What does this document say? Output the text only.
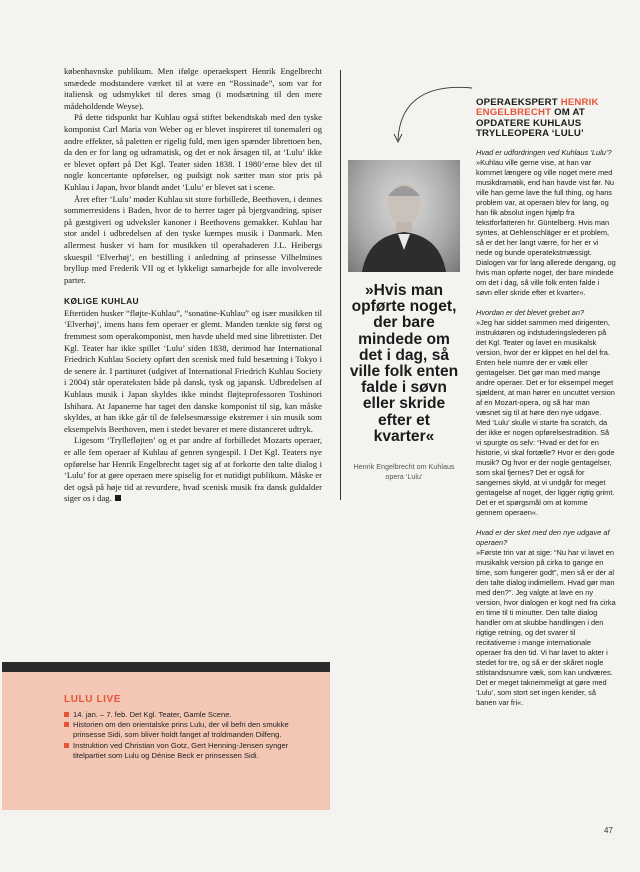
københavnske publikum. Men ifølge operaekspert Henrik Engelbrecht smædede modstandere værket til at være en “Rossinade”, som var for italiensk og udsmykket til deres smag (i modsætning til den mere mådeholdende Weyse).

På dette tidspunkt har Kuhlau også stiftet bekendtskab med den tyske komponist Carl Maria von Weber og er blevet inspireret til tonemaleri og andre effekter, så paletten er rigelig fuld, men igen spænder librettoen ben, da den er for lang og udramatisk, og det er nok årsagen til, at ‘Lulu’ ikke er blevet opført på Det Kgl. Teater siden 1838. I 1980’erne blev det til nogle koncertante opførelser, og pudsigt nok sætter man stor pris på Kuhlau i Japan, hvor blandt andet ‘Lulu’ er blevet sat i scene.

Året efter ‘Lulu’ møder Kuhlau sit store forbillede, Beethoven, i dennes sommerresidens i Baden, hvor de to herrer tager på bjergvandring, spiser på gæstgiveri og udveksler kanoner i Beethovens gemakker. Kuhlau har stor andel i udbredelsen af den tyske kæmpes musik i Danmark. Men allermest husker vi ham for musikken til operahaderen J.L. Heibergs skuespil ‘Elverhøj’, en bestilling i anledning af prinsesse Vilhelmines bryllup med Frederik VII og et lykkeligt samarbejde for alle involverede parter.

KØLIGE KUHLAU

Eftertiden husker “fløjte-Kuhlau”, “sonatine-Kuhlau” og især musikken til ‘Elverhøj’, imens hans fem operaer er glemt. Manden tænkte sig først og fremmest som operakomponist, men havde uheld med sine librettister. Det Kgl. Teater har ikke spillet ‘Lulu’ siden 1838, derimod har International Friedrich Kuhlau Society opført den scenisk med fuld besætning i Tokyo i de senere år. I partituret (udgivet af International Friedrich Kuhlau Society i 2004) står operateksten både på dansk, tysk og japansk. Udbredelsen af Kuhlaus musik i Japan skyldes ikke mindst fløjteprofessoren Toshinori Ishihara. At Japanerne har taget den danske komponist til sig, kan måske skyldes, at han ikke går til de følelsesmæssige ekstremer i sin musik som eksempelvis Beethoven, men i stedet bevarer et mere distanceret udtryk.

Ligesom ‘Tryllefløjten’ og et par andre af forbilledet Mozarts operaer, er alle fem operaer af Kuhlau af genren syngespil. I Det Kgl. Teaters nye opførelse har Henrik Engelbrecht taget sig af at forkorte den talte dialog i ‘Lulu’ for at gøre operaen mere spiselig for et nutidigt publikum. Måske er det også på høje tid at revurdere, hvad scenisk musik fra dansk guldalder siger os i dag.

»Hvis man opførte noget, der bare mindede om det i dag, så ville folk enten falde i søvn eller skride efter et kvarter«
Henrik Engelbrecht om Kuhlaus opera ‘Lulu’
OPERAEKSPERT HENRIK ENGELBRECHT OM AT OPDATERE KUHLAUS TRYLLEOPERA ‘LULU’

Hvad er udfordringen ved Kuhlaus ‘Lulu’?

»Kuhlau ville gerne vise, at han var kommet længere og ville noget mere med musikdramatik, end han havde vist før. Nu ville han gerne lave the full thing, og hans problem var, at operaen blev for lang, og han fik absolut ingen hjælp fra tekstforfatteren hr. Güntelberg. Hvis man syntes, at Oehlenschläger er et problem, så er det her langt værre, for her er vi nede og bunde operatekstmæssigt. Dialogen var for lang allerede dengang, og hvis man opførte noget, der bare mindede om det i dag, så ville folk enten falde i søvn eller skride efter et kvarter«.

Hvordan er det blevet grebet an?

»Jeg har siddet sammen med dirigenten, instruktøren og indstuderingslederen på det Kgl. Teater og lavet en musikalsk version, hvor der er klippet en hel del fra. Enten hele numre der er væk eller gentagelser. Det gør man med mange andre operaer. Det er for eksempel meget sjældent, at man hører en uncuttet version af en Mozart-opera, og så har man væsnet sig til at høre den nye udgave. Med ‘Lulu’ skulle vi starte fra scratch, da der ikke er nogen opførelsestradition. Så vi spurgte os selv: “Hvad er det for en historie, vi skal fortælle? Hvor er den gode musik? Og hvor er der nogle gentagelser, som skal fjernes? Det er også for sangernes skyld, at vi undgår for meget gentagelse af noget, der ligger rigtig grimt. Det er et spørgsmål om at komme gennem operaen«.

Hvad er der sket med den nye udgave af operaen?

»Første trin var at sige: “Nu har vi lavet en musikalsk version på cirka to gange en time, som fungerer godt”, men så er der al den talte dialog indimellem. Hvad gør man med den?”. Jeg valgte at lave en ny version, hvor dialogen er kogt ned fra cirka en time til ti minutter. Den talte dialog handler om at skubbe handlingen i den rigtige retning, og det svarer til recitativerne i mange internationale operaer fra den tid. Vi har lavet to akter i stedet for tre, og så er der skåret nogle stilstandsnumre væk, som kan undværes. Det er meget taknemmeligt at gøre med ‘Lulu’, som stort set ingen kender, så banen var fri«.

LULU LIVE
14. jan. – 7. feb. Det Kgl. Teater, Gamle Scene.
Historien om den orientalske prins Lulu, der vil befri den smukke prinsesse Sidi, som bliver holdt fanget af troldmanden Dilfeng.
Instruktion ved Christian von Gotz, Gert Henning-Jensen synger titelpartiet som Lulu og Dénise Beck er prinsessen Sidi.
47
